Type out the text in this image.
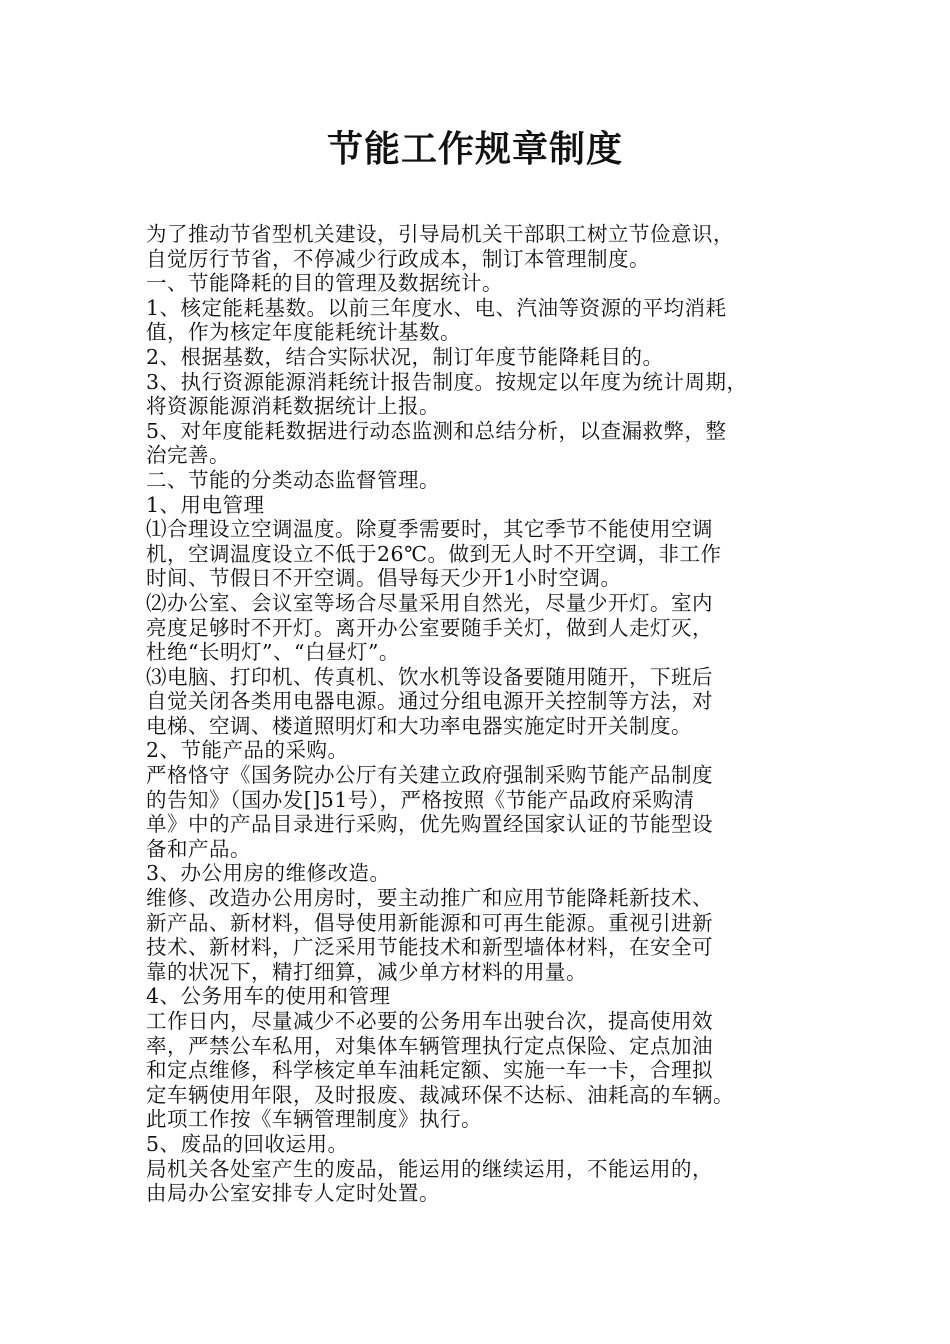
节能工作规章制度
为了推动节省型机关建设，引导局机关干部职工树立节俭意识，
自觉厉行节省，不停减少行政成本，制订本管理制度。
一、节能降耗的目的管理及数据统计。
1、核定能耗基数。以前三年度水、电、汽油等资源的平均消耗
值，作为核定年度能耗统计基数。
2、根据基数，结合实际状况，制订年度节能降耗目的。
3、执行资源能源消耗统计报告制度。按规定以年度为统计周期，
将资源能源消耗数据统计上报。
5、对年度能耗数据进行动态监测和总结分析，以查漏救弊，整
治完善。
二、节能的分类动态监督管理。
1、用电管理
⑴合理设立空调温度。除夏季需要时，其它季节不能使用空调
机，空调温度设立不低于26℃。做到无人时不开空调，非工作
时间、节假日不开空调。倡导每天少开1小时空调。
⑵办公室、会议室等场合尽量采用自然光，尽量少开灯。室内
亮度足够时不开灯。离开办公室要随手关灯，做到人走灯灭，
杜绝“长明灯”、“白昼灯”。
⑶电脑、打印机、传真机、饮水机等设备要随用随开，下班后
自觉关闭各类用电器电源。通过分组电源开关控制等方法，对
电梯、空调、楼道照明灯和大功率电器实施定时开关制度。
2、节能产品的采购。
严格恪守《国务院办公厅有关建立政府强制采购节能产品制度
的告知》（国办发[]51号），严格按照《节能产品政府采购清
单》中的产品目录进行采购，优先购置经国家认证的节能型设
备和产品。
3、办公用房的维修改造。
维修、改造办公用房时，要主动推广和应用节能降耗新技术、
新产品、新材料，倡导使用新能源和可再生能源。重视引进新
技术、新材料，广泛采用节能技术和新型墙体材料，在安全可
靠的状况下，精打细算，减少单方材料的用量。
4、公务用车的使用和管理
工作日内，尽量减少不必要的公务用车出驶台次，提高使用效
率，严禁公车私用，对集体车辆管理执行定点保险、定点加油
和定点维修，科学核定单车油耗定额、实施一车一卡，合理拟
定车辆使用年限，及时报废、裁减环保不达标、油耗高的车辆。
此项工作按《车辆管理制度》执行。
5、废品的回收运用。
局机关各处室产生的废品，能运用的继续运用，不能运用的，
由局办公室安排专人定时处置。
